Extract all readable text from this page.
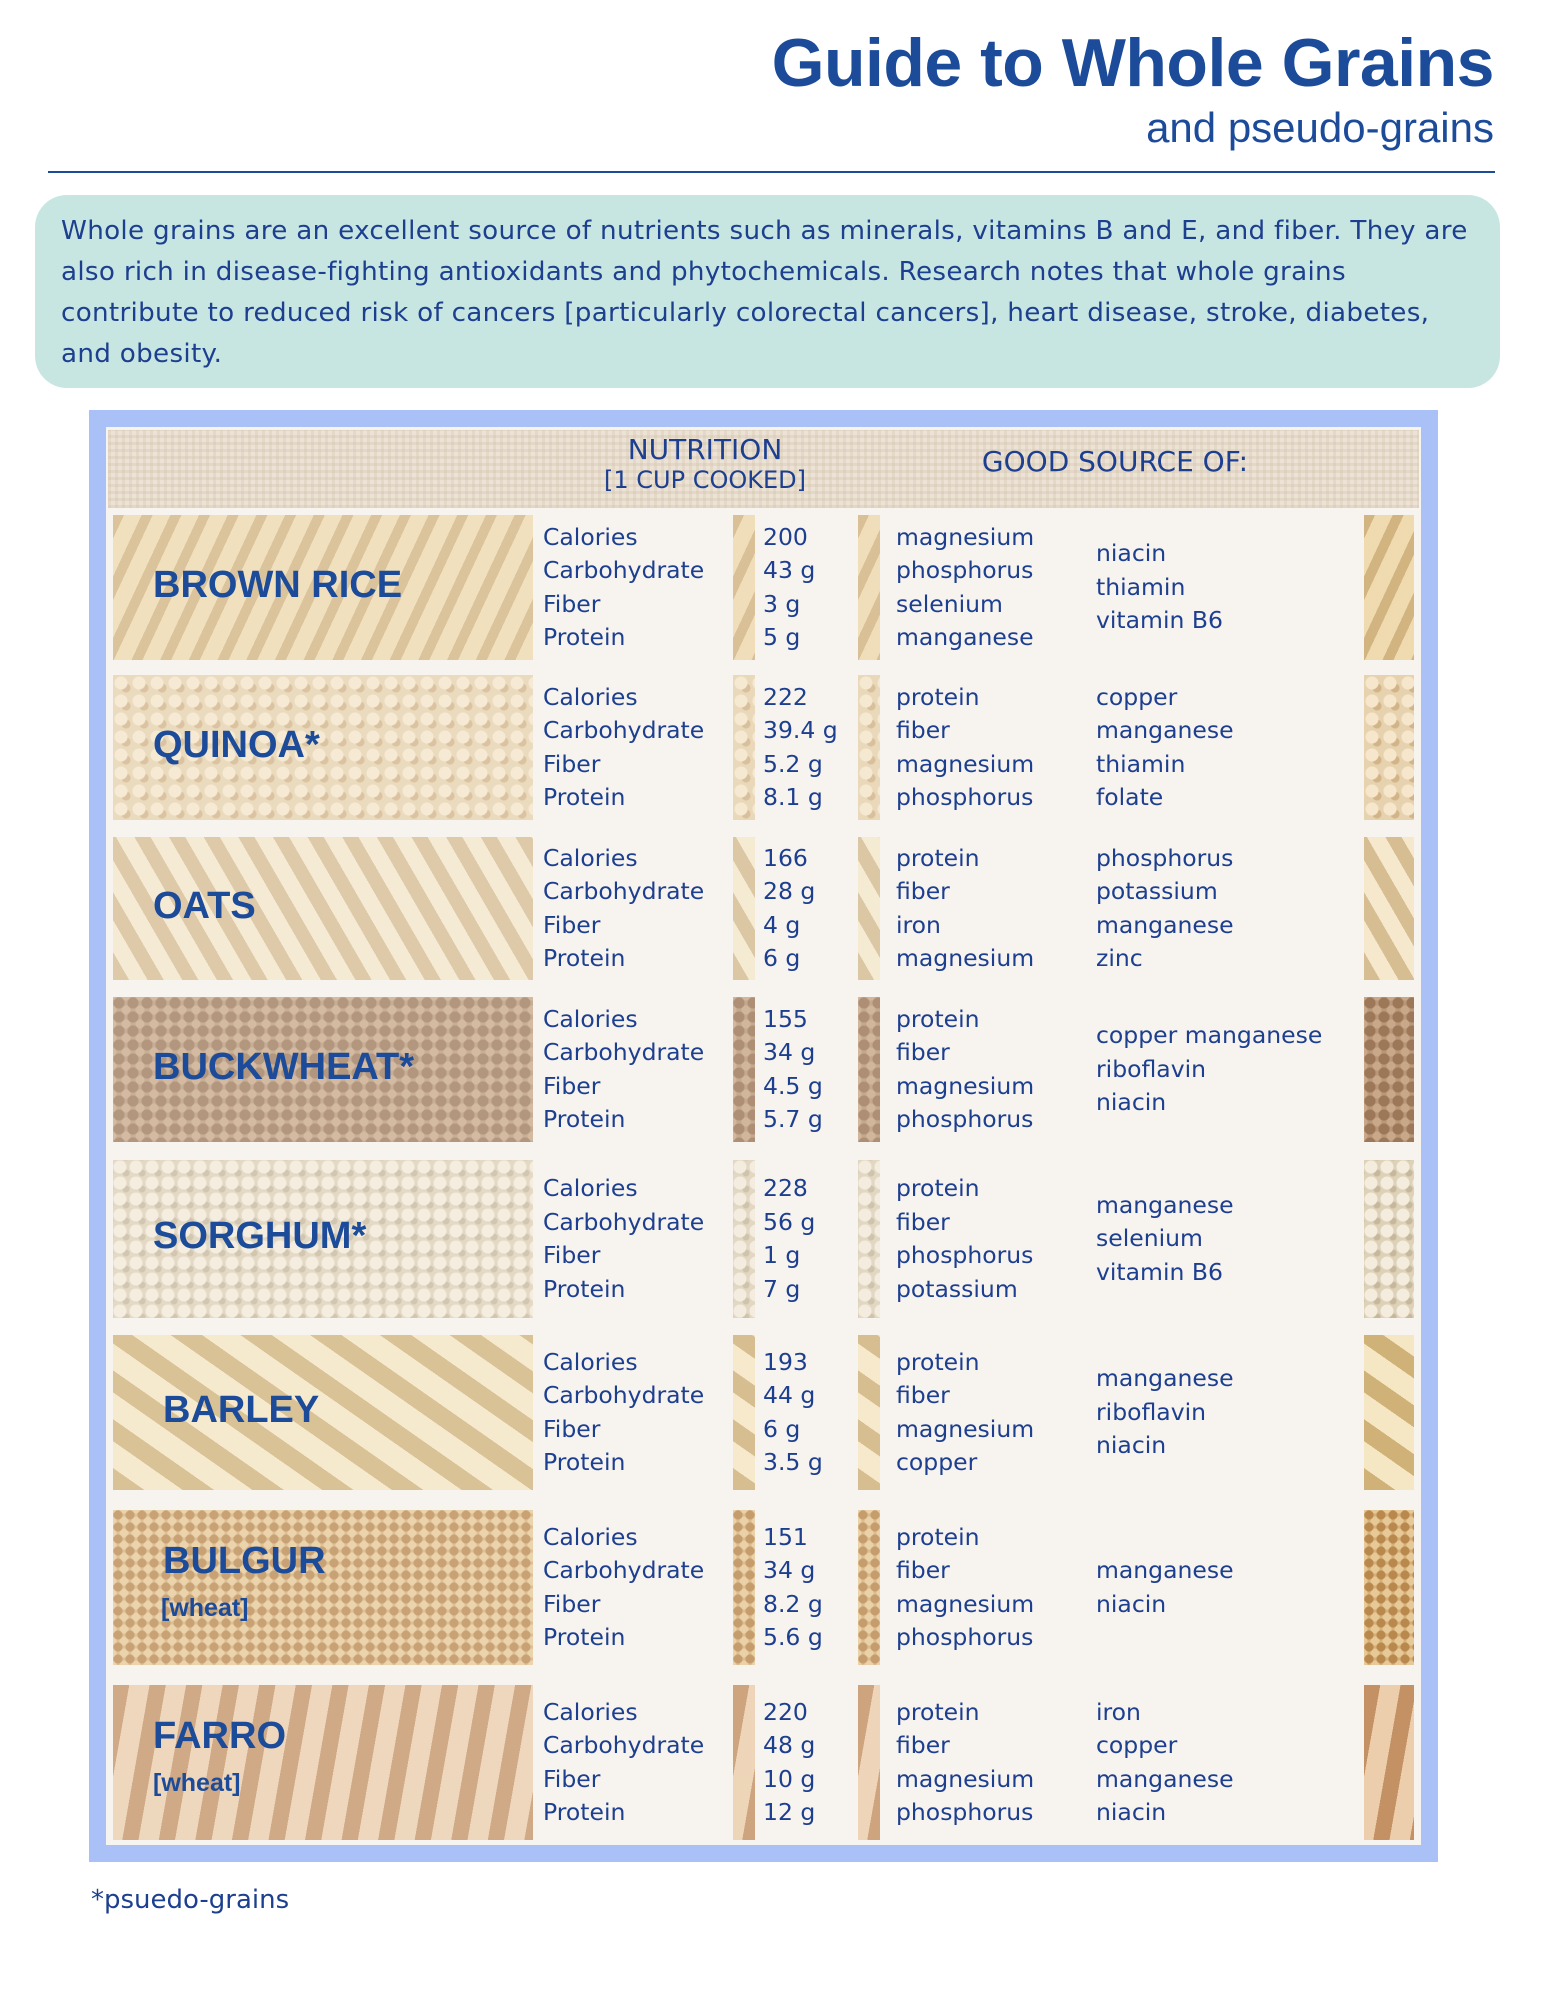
Guide to Whole Grains
and pseudo-grains
Whole grains are an excellent source of nutrients such as minerals, vitamins B and E, and fiber. They are also rich in disease-fighting antioxidants and phytochemicals. Research notes that whole grains contribute to reduced risk of cancers [particularly colorectal cancers], heart disease, stroke, diabetes, and obesity.
NUTRITION
[1 CUP COOKED]
GOOD SOURCE OF:
BROWN RICE
Calories
Carbohydrate
Fiber
Protein
200
43 g
3 g
5 g
magnesium
phosphorus
selenium
manganese
niacin
thiamin
vitamin B6
QUINOA*
Calories
Carbohydrate
Fiber
Protein
222
39.4 g
5.2 g
8.1 g
protein
fiber
magnesium
phosphorus
copper
manganese
thiamin
folate
OATS
Calories
Carbohydrate
Fiber
Protein
166
28 g
4 g
6 g
protein
fiber
iron
magnesium
phosphorus
potassium
manganese
zinc
BUCKWHEAT*
Calories
Carbohydrate
Fiber
Protein
155
34 g
4.5 g
5.7 g
protein
fiber
magnesium
phosphorus
copper manganese
riboflavin
niacin
SORGHUM*
Calories
Carbohydrate
Fiber
Protein
228
56 g
1 g
7 g
protein
fiber
phosphorus
potassium
manganese
selenium
vitamin B6
BARLEY
Calories
Carbohydrate
Fiber
Protein
193
44 g
6 g
3.5 g
protein
fiber
magnesium
copper
manganese
riboflavin
niacin
BULGUR
[wheat]
Calories
Carbohydrate
Fiber
Protein
151
34 g
8.2 g
5.6 g
protein
fiber
magnesium
phosphorus
manganese
niacin
FARRO
[wheat]
Calories
Carbohydrate
Fiber
Protein
220
48 g
10 g
12 g
protein
fiber
magnesium
phosphorus
iron
copper
manganese
niacin
*psuedo-grains
